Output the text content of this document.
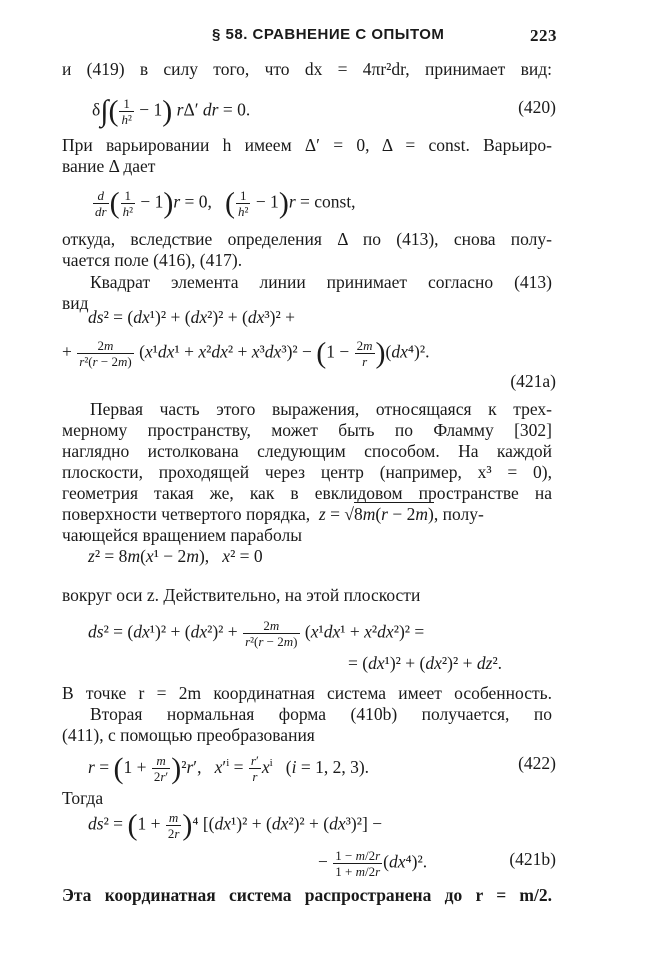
§ 58. СРАВНЕНИЕ С ОПЫТОМ	223
и (419) в силу того, что dx = 4πr²dr, принимает вид:
$\delta\int( \frac{1}{\text{h²}} - 1)$ rΔ′ dr = 0.	(420)
При варьировании h имеем Δ′ = 0, Δ = const. Варьиро-
вание Δ дает
$\frac{d}{dr}$ ( $\frac{1}{\text{h²}} - 1)r = 0$,   ( $\frac{1}{\text{h²}} - 1)r$ = const,
откуда, вследствие определения Δ по (413), снова полу-
чается поле (416), (417).
Квадрат элемента линии принимает согласно (413)
вид
ds² = (dx¹)² + (dx²)² + (dx³)² +
+ $\frac{2m}{\text{r²(r − 2m)}} (x^1dx^1 + x^2dx^2 + x^3dx^3)^2 - (1 - \frac{2m}{r} )(dx^4)^2$.
(421a)
Первая часть этого выражения, относящаяся к трех-
мерному пространству, может быть по Фламму [302]
наглядно истолкована следующим способом. На каждой
плоскости, проходящей через центр (например, x³ = 0),
геометрия такая же, как в евклидовом пространстве на
поверхности четвертого порядка, z = √8m(r − 2m), полу-
чающейся вращением параболы
z² = 8m(x¹ − 2m),   x² = 0
вокруг оси z. Действительно, на этой плоскости
$ds^2 = (dx^1)^2 + (dx^2)^2 + \frac{2m}{\text{r²(r − 2m)}} (x^1dx^1 + x^2dx^2)^2$ =
= (dx¹)² + (dx²)² + dz².
В точке r = 2m координатная система имеет особенность.
Вторая нормальная форма (410b) получается, по
(411), с помощью преобразования
$r = (1 + \frac{m}{2r'} )^2r'$,   $x'^i = \frac{r'}{r} x^i$   (i = 1, 2, 3).	(422)
Тогда
$ds^2 = (1 + \frac{m}{2r} )^4$ [(dx¹)² + (dx²)² + (dx³)²] −
− $\frac{1 - m/2r}{1 + m/2r} (dx^4)^2$.	(421b)
Эта координатная система распространена до r = m/2.
